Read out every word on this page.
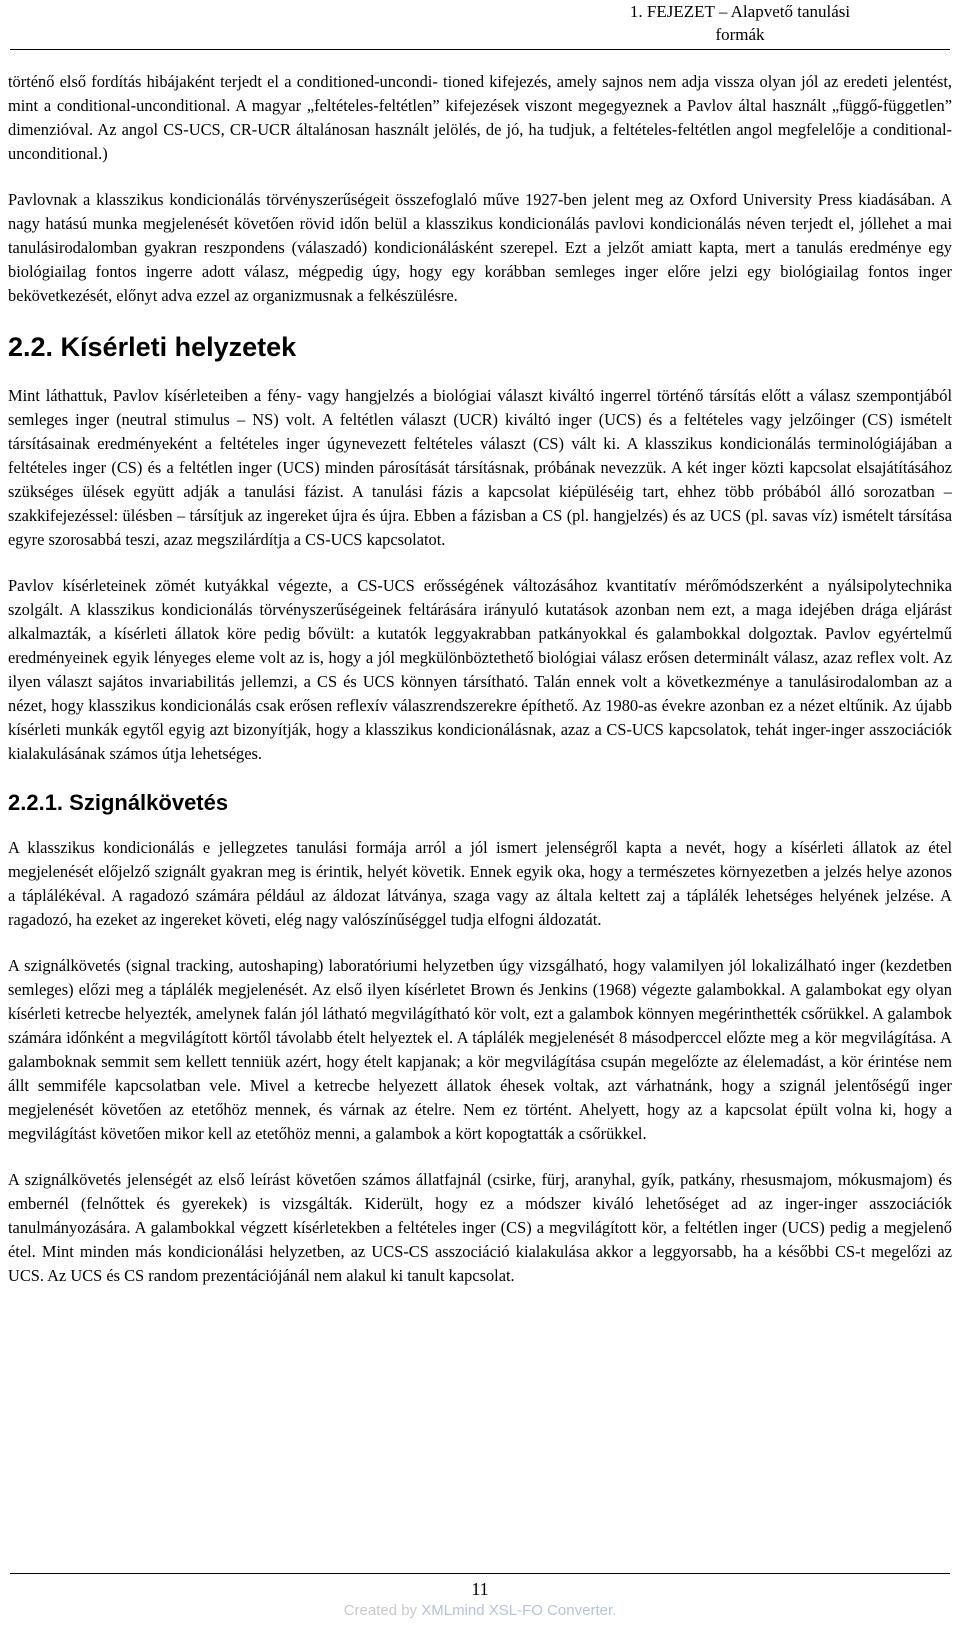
1. FEJEZET – Alapvető tanulási
formák

történő első fordítás hibájaként terjedt el a conditioned-uncondi- tioned kifejezés, amely sajnos nem adja vissza olyan jól az eredeti jelentést, mint a conditional-unconditional. A magyar „feltételes-feltétlen” kifejezések viszont megegyeznek a Pavlov által használt „függő-független” dimenzióval. Az angol CS-UCS, CR-UCR általánosan használt jelölés, de jó, ha tudjuk, a feltételes-feltétlen angol megfelelője a conditional-unconditional.)

Pavlovnak a klasszikus kondicionálás törvényszerűségeit összefoglaló műve 1927-ben jelent meg az Oxford University Press kiadásában. A nagy hatású munka megjelenését követően rövid időn belül a klasszikus kondicionálás pavlovi kondicionálás néven terjedt el, jóllehet a mai tanulásirodalomban gyakran reszpondens (válaszadó) kondicionálásként szerepel. Ezt a jelzőt amiatt kapta, mert a tanulás eredménye egy biológiailag fontos ingerre adott válasz, mégpedig úgy, hogy egy korábban semleges inger előre jelzi egy biológiailag fontos inger bekövetkezését, előnyt adva ezzel az organizmusnak a felkészülésre.

2.2. Kísérleti helyzetek

Mint láthattuk, Pavlov kísérleteiben a fény- vagy hangjelzés a biológiai választ kiváltó ingerrel történő társítás előtt a válasz szempontjából semleges inger (neutral stimulus – NS) volt. A feltétlen választ (UCR) kiváltó inger (UCS) és a feltételes vagy jelzőinger (CS) ismételt társításainak eredményeként a feltételes inger úgynevezett feltételes választ (CS) vált ki. A klasszikus kondicionálás terminológiájában a feltételes inger (CS) és a feltétlen inger (UCS) minden párosítását társításnak, próbának nevezzük. A két inger közti kapcsolat elsajátításához szükséges ülések együtt adják a tanulási fázist. A tanulási fázis a kapcsolat kiépüléséig tart, ehhez több próbából álló sorozatban – szakkifejezéssel: ülésben – társítjuk az ingereket újra és újra. Ebben a fázisban a CS (pl. hangjelzés) és az UCS (pl. savas víz) ismételt társítása egyre szorosabbá teszi, azaz megszilárdítja a CS-UCS kapcsolatot.

Pavlov kísérleteinek zömét kutyákkal végezte, a CS-UCS erősségének változásához kvantitatív mérőmódszerként a nyálsipolytechnika szolgált. A klasszikus kondicionálás törvényszerűségeinek feltárására irányuló kutatások azonban nem ezt, a maga idejében drága eljárást alkalmazták, a kísérleti állatok köre pedig bővült: a kutatók leggyakrabban patkányokkal és galambokkal dolgoztak. Pavlov egyértelmű eredményeinek egyik lényeges eleme volt az is, hogy a jól megkülönböztethető biológiai válasz erősen determinált válasz, azaz reflex volt. Az ilyen választ sajátos invariabilitás jellemzi, a CS és UCS könnyen társítható. Talán ennek volt a következménye a tanulásirodalomban az a nézet, hogy klasszikus kondicionálás csak erősen reflexív válaszrendszerekre építhető. Az 1980-as évekre azonban ez a nézet eltűnik. Az újabb kísérleti munkák egytől egyig azt bizonyítják, hogy a klasszikus kondicionálásnak, azaz a CS-UCS kapcsolatok, tehát inger-inger asszociációk kialakulásának számos útja lehetséges.

2.2.1. Szignálkövetés

A klasszikus kondicionálás e jellegzetes tanulási formája arról a jól ismert jelenségről kapta a nevét, hogy a kísérleti állatok az étel megjelenését előjelző szignált gyakran meg is érintik, helyét követik. Ennek egyik oka, hogy a természetes környezetben a jelzés helye azonos a táplálékéval. A ragadozó számára például az áldozat látványa, szaga vagy az általa keltett zaj a táplálék lehetséges helyének jelzése. A ragadozó, ha ezeket az ingereket követi, elég nagy valószínűséggel tudja elfogni áldozatát.

A szignálkövetés (signal tracking, autoshaping) laboratóriumi helyzetben úgy vizsgálható, hogy valamilyen jól lokalizálható inger (kezdetben semleges) előzi meg a táplálék megjelenését. Az első ilyen kísérletet Brown és Jenkins (1968) végezte galambokkal. A galambokat egy olyan kísérleti ketrecbe helyezték, amelynek falán jól látható megvilágítható kör volt, ezt a galambok könnyen megérinthették csőrükkel. A galambok számára időnként a megvilágított körtől távolabb ételt helyeztek el. A táplálék megjelenését 8 másodperccel előzte meg a kör megvilágítása. A galamboknak semmit sem kellett tenniük azért, hogy ételt kapjanak; a kör megvilágítása csupán megelőzte az élelemadást, a kör érintése nem állt semmiféle kapcsolatban vele. Mivel a ketrecbe helyezett állatok éhesek voltak, azt várhatnánk, hogy a szignál jelentőségű inger megjelenését követően az etetőhöz mennek, és várnak az ételre. Nem ez történt. Ahelyett, hogy az a kapcsolat épült volna ki, hogy a megvilágítást követően mikor kell az etetőhöz menni, a galambok a kört kopogtatták a csőrükkel.

A szignálkövetés jelenségét az első leírást követően számos állatfajnál (csirke, fürj, aranyhal, gyík, patkány, rhesusmajom, mókusmajom) és embernél (felnőttek és gyerekek) is vizsgálták. Kiderült, hogy ez a módszer kiváló lehetőséget ad az inger-inger asszociációk tanulmányozására. A galambokkal végzett kísérletekben a feltételes inger (CS) a megvilágított kör, a feltétlen inger (UCS) pedig a megjelenő étel. Mint minden más kondicionálási helyzetben, az UCS-CS asszociáció kialakulása akkor a leggyorsabb, ha a későbbi CS-t megelőzi az UCS. Az UCS és CS random prezentációjánál nem alakul ki tanult kapcsolat.

11
Created by XMLmind XSL-FO Converter.
